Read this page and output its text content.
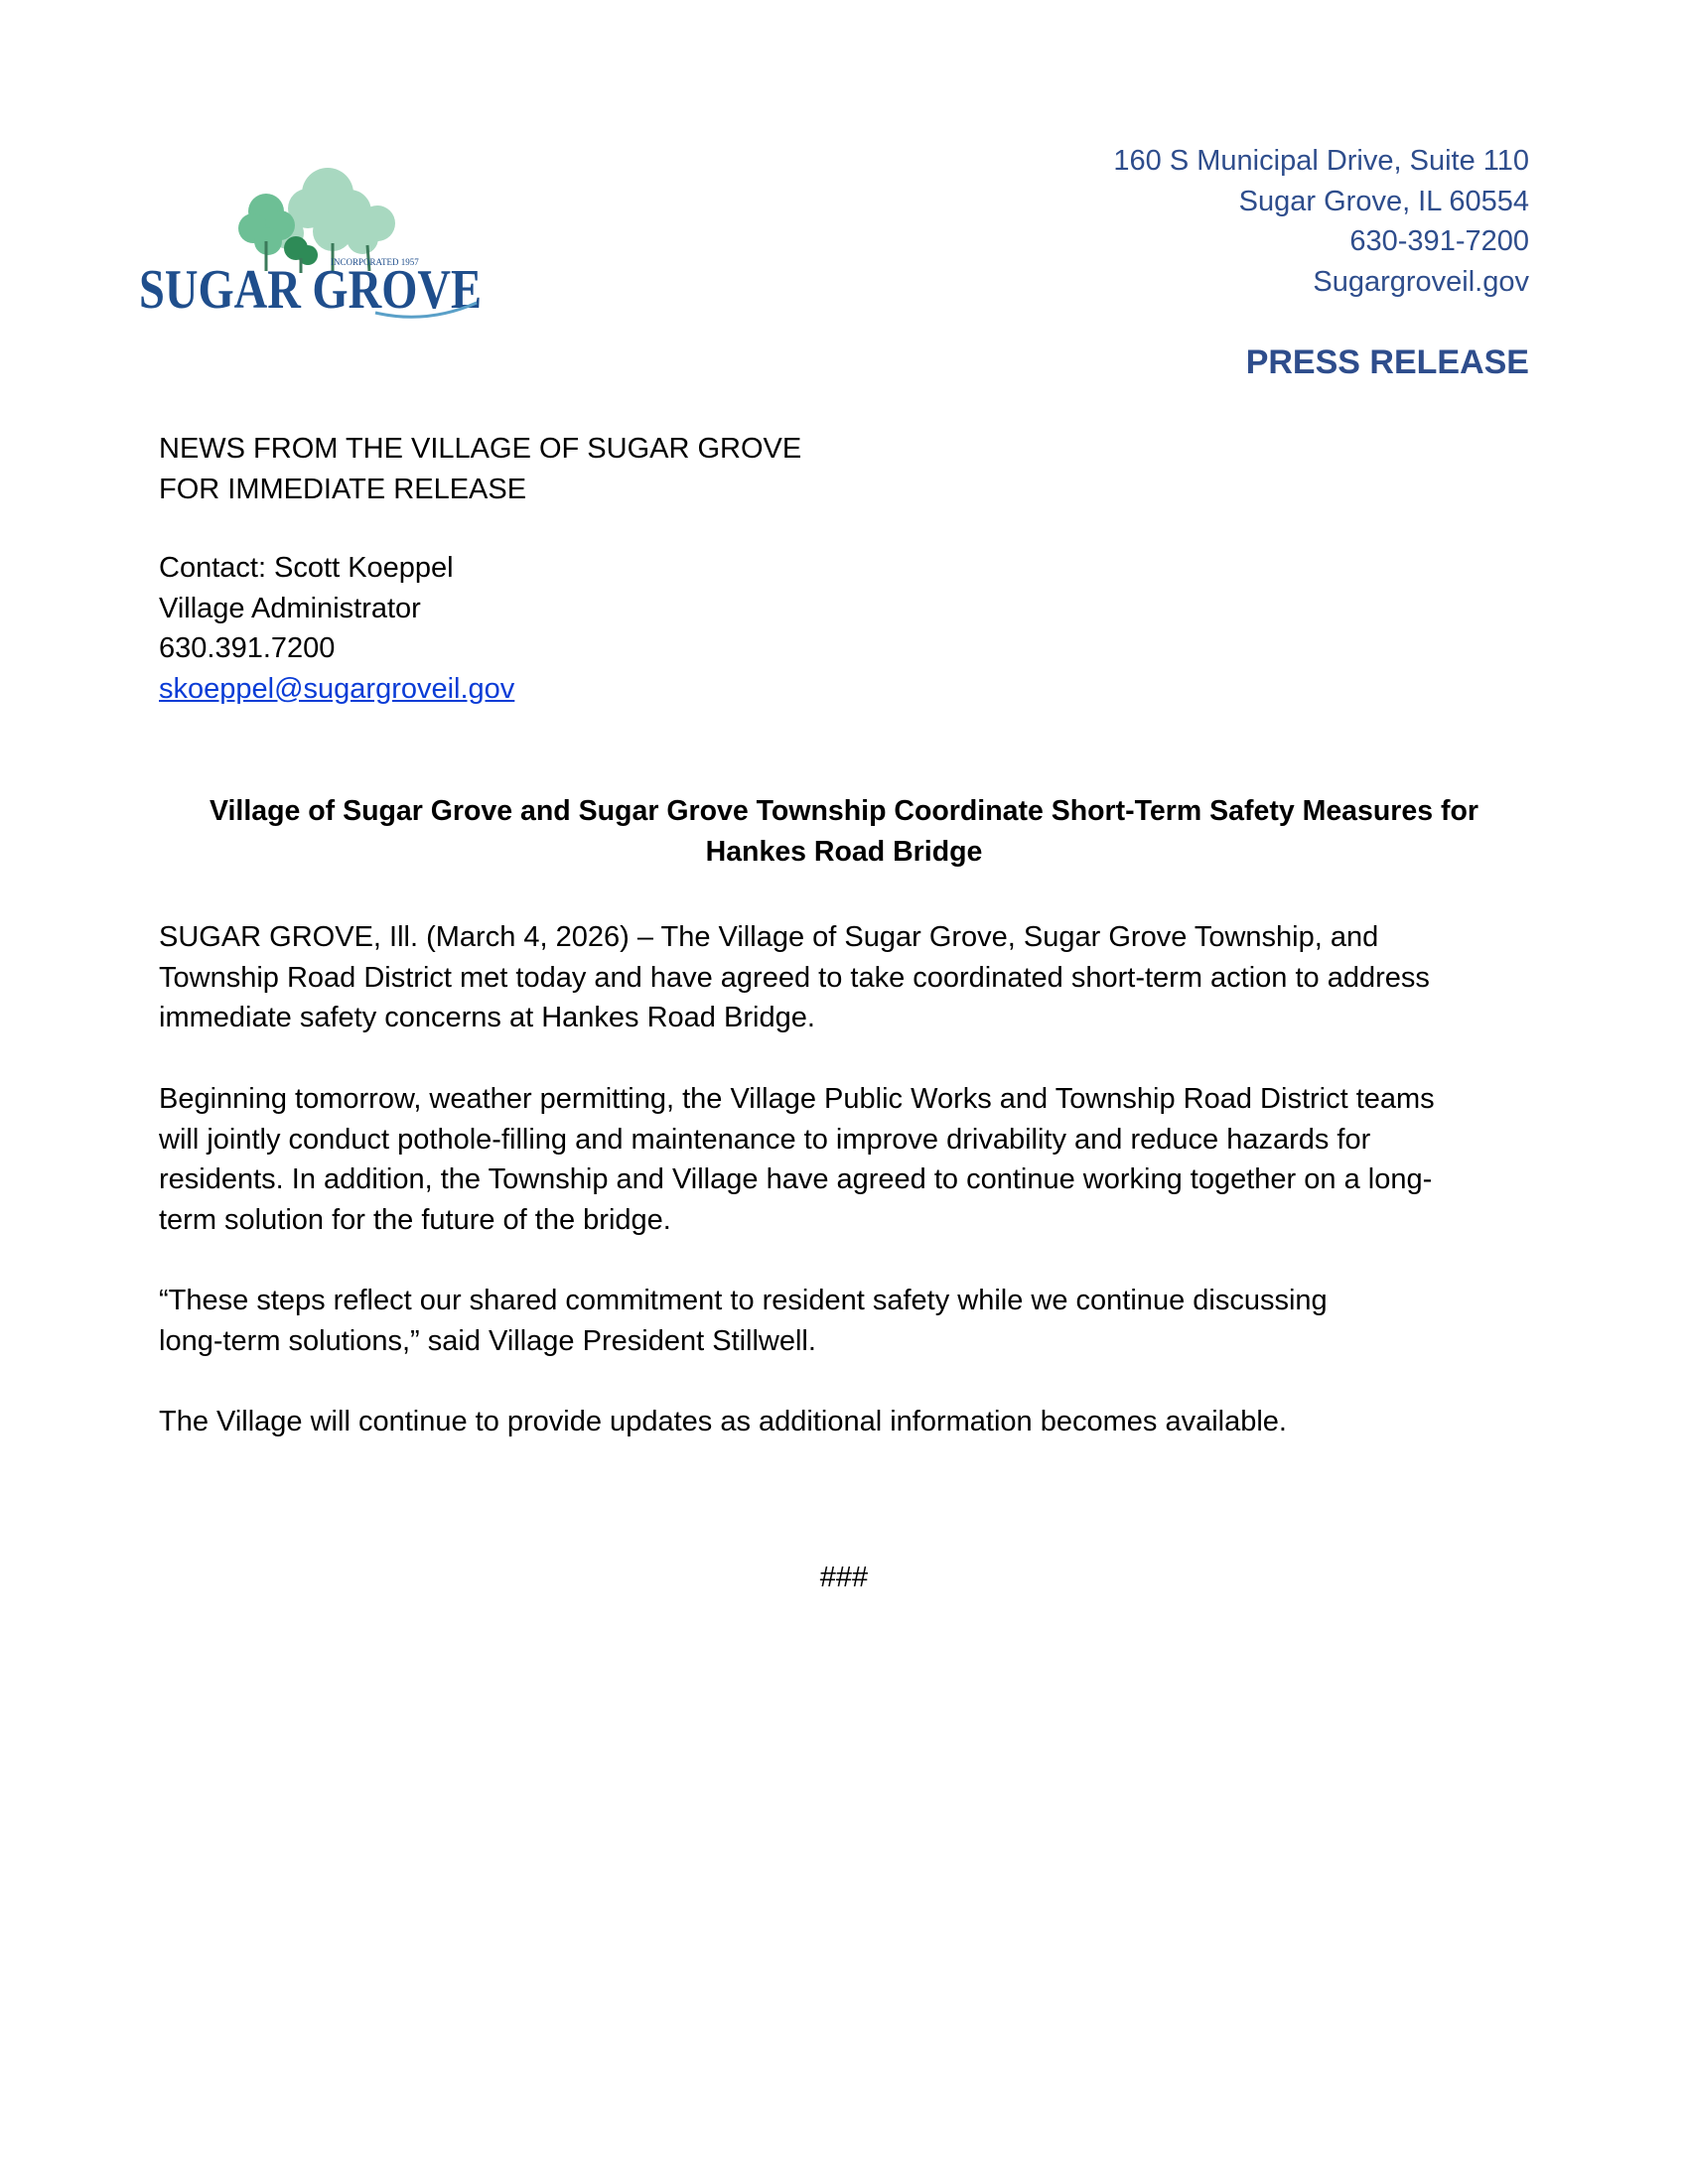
INCORPORATED 1957
SUGAR GROVE
160 S Municipal Drive, Suite 110
Sugar Grove, IL 60554
630-391-7200
Sugargroveil.gov
PRESS RELEASE
NEWS FROM THE VILLAGE OF SUGAR GROVE
FOR IMMEDIATE RELEASE
Contact: Scott Koeppel
Village Administrator
630.391.7200
skoeppel@sugargroveil.gov
Village of Sugar Grove and Sugar Grove Township Coordinate Short-Term Safety Measures for
Hankes Road Bridge
SUGAR GROVE, Ill. (March 4, 2026) – The Village of Sugar Grove, Sugar Grove Township, and
Township Road District met today and have agreed to take coordinated short-term action to address
immediate safety concerns at Hankes Road Bridge.
Beginning tomorrow, weather permitting, the Village Public Works and Township Road District teams
will jointly conduct pothole-filling and maintenance to improve drivability and reduce hazards for
residents. In addition, the Township and Village have agreed to continue working together on a long-
term solution for the future of the bridge.
“These steps reflect our shared commitment to resident safety while we continue discussing
long-term solutions,” said Village President Stillwell.
The Village will continue to provide updates as additional information becomes available.
###
